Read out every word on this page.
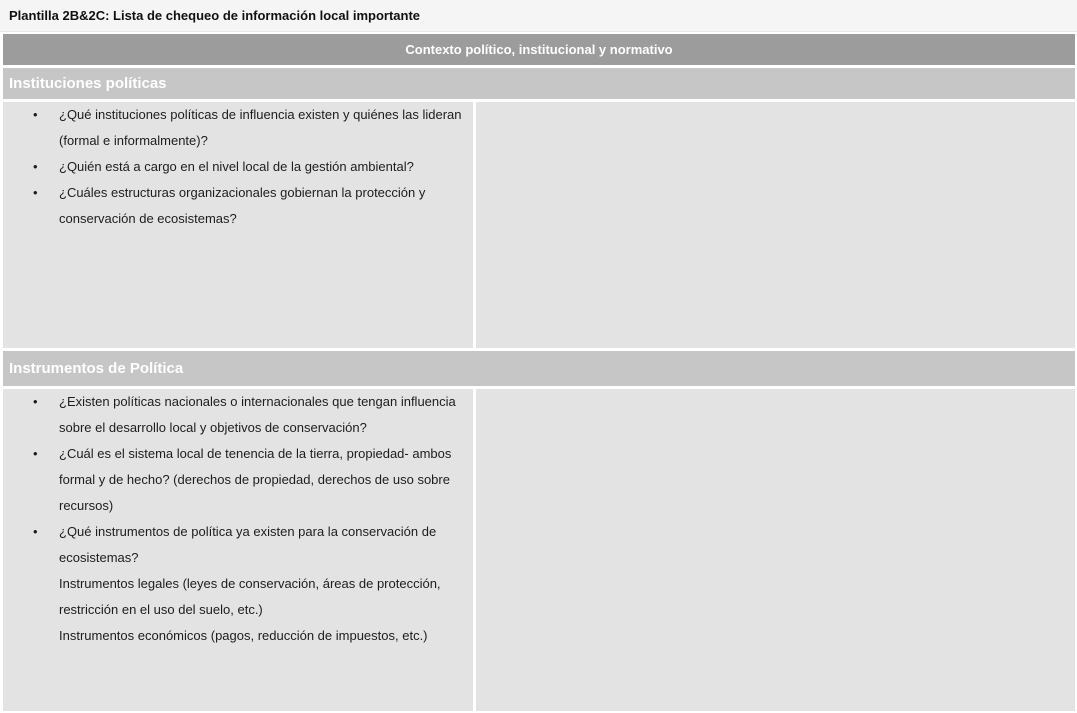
Plantilla 2B&2C: Lista de chequeo de información local importante
Contexto político, institucional y normativo
Instituciones políticas
• ¿Qué instituciones políticas de influencia existen y quiénes las lideran
(formal e informalmente)?
• ¿Quién está a cargo en el nivel local de la gestión ambiental?
• ¿Cuáles estructuras organizacionales gobiernan la protección y
conservación de ecosistemas?
Instrumentos de Política
• ¿Existen políticas nacionales o internacionales que tengan influencia
sobre el desarrollo local y objetivos de conservación?
• ¿Cuál es el sistema local de tenencia de la tierra, propiedad- ambos
formal y de hecho? (derechos de propiedad, derechos de uso sobre
recursos)
• ¿Qué instrumentos de política ya existen para la conservación de
ecosistemas?
Instrumentos legales (leyes de conservación, áreas de protección,
restricción en el uso del suelo, etc.)
Instrumentos económicos (pagos, reducción de impuestos, etc.)
